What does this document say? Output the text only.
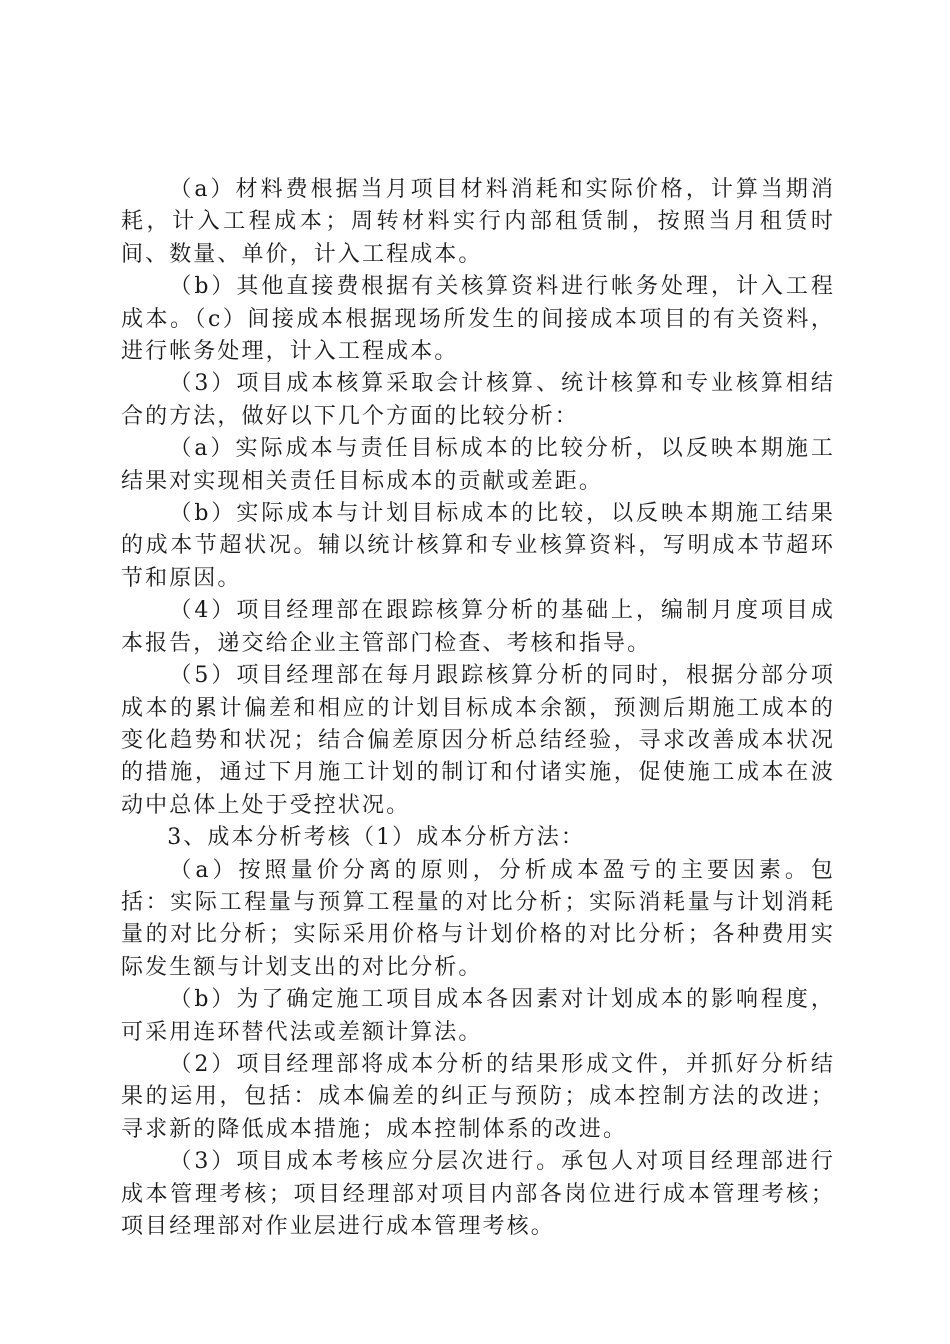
（a）材料费根据当月项目材料消耗和实际价格，计算当期消耗，计入工程成本；周转材料实行内部租赁制，按照当月租赁时间、数量、单价，计入工程成本。

（b）其他直接费根据有关核算资料进行帐务处理，计入工程成本。（c）间接成本根据现场所发生的间接成本项目的有关资料，进行帐务处理，计入工程成本。

（3）项目成本核算采取会计核算、统计核算和专业核算相结合的方法，做好以下几个方面的比较分析：

（a）实际成本与责任目标成本的比较分析，以反映本期施工结果对实现相关责任目标成本的贡献或差距。

（b）实际成本与计划目标成本的比较，以反映本期施工结果的成本节超状况。辅以统计核算和专业核算资料，写明成本节超环节和原因。

（4）项目经理部在跟踪核算分析的基础上，编制月度项目成本报告，递交给企业主管部门检查、考核和指导。

（5）项目经理部在每月跟踪核算分析的同时，根据分部分项成本的累计偏差和相应的计划目标成本余额，预测后期施工成本的变化趋势和状况；结合偏差原因分析总结经验，寻求改善成本状况的措施，通过下月施工计划的制订和付诸实施，促使施工成本在波动中总体上处于受控状况。

3、成本分析考核（1）成本分析方法：

（a）按照量价分离的原则，分析成本盈亏的主要因素。包括：实际工程量与预算工程量的对比分析；实际消耗量与计划消耗量的对比分析；实际采用价格与计划价格的对比分析；各种费用实际发生额与计划支出的对比分析。

（b）为了确定施工项目成本各因素对计划成本的影响程度，可采用连环替代法或差额计算法。

（2）项目经理部将成本分析的结果形成文件，并抓好分析结果的运用，包括：成本偏差的纠正与预防；成本控制方法的改进；寻求新的降低成本措施；成本控制体系的改进。

（3）项目成本考核应分层次进行。承包人对项目经理部进行成本管理考核；项目经理部对项目内部各岗位进行成本管理考核；项目经理部对作业层进行成本管理考核。
